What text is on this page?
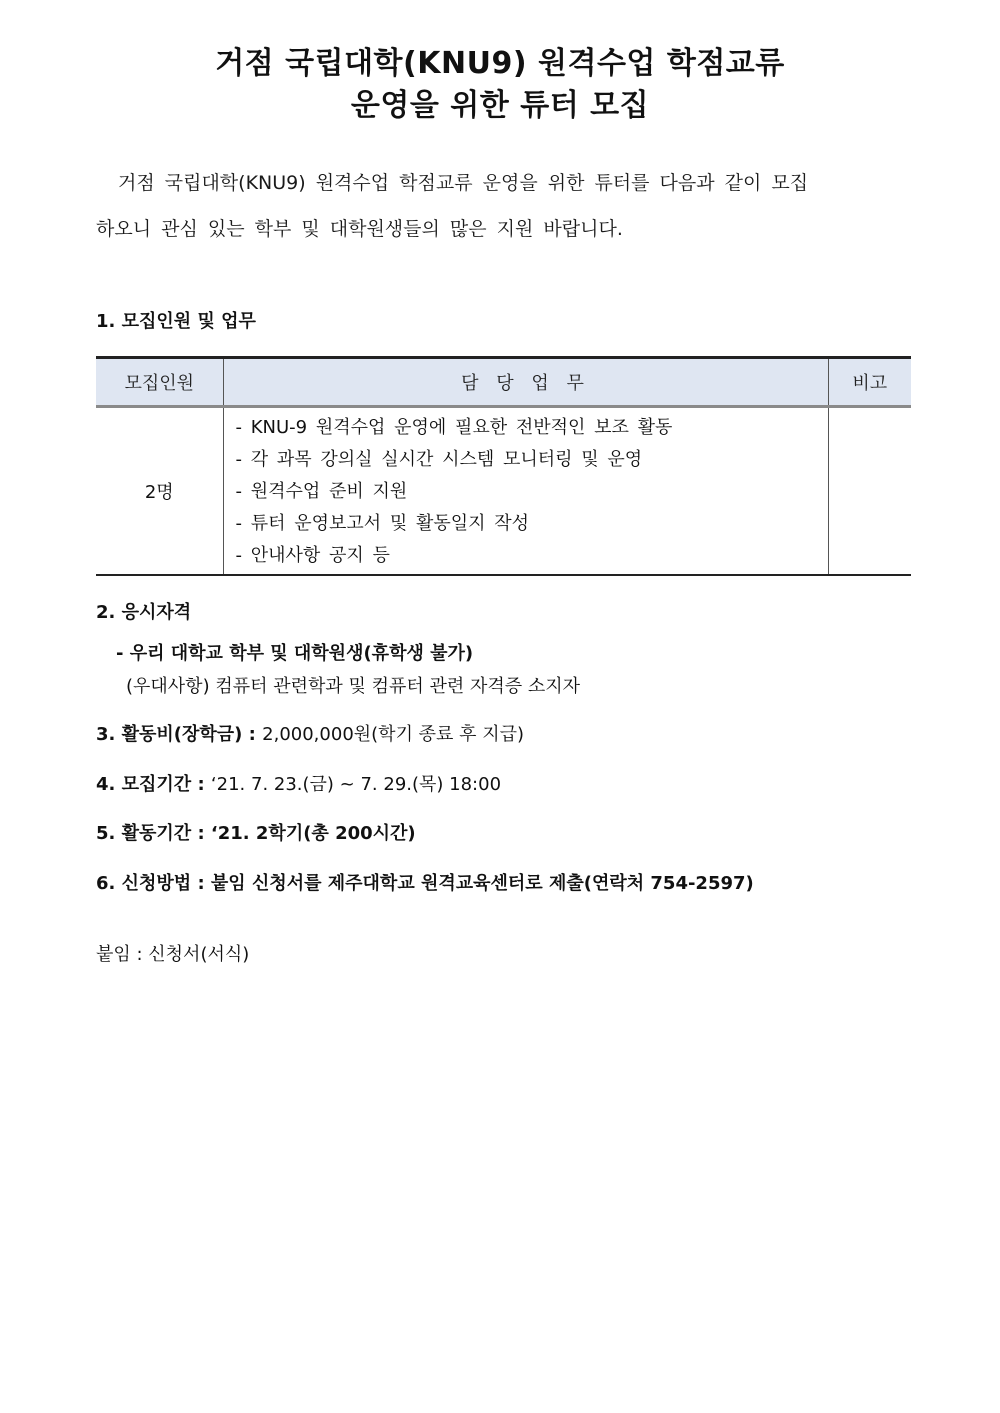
거점 국립대학(KNU9) 원격수업 학점교류
운영을 위한 튜터 모집
거점 국립대학(KNU9) 원격수업 학점교류 운영을 위한 튜터를 다음과 같이 모집
하오니 관심 있는 학부 및 대학원생들의 많은 지원 바랍니다.
1. 모집인원 및 업무
모집인원	담 당 업 무	비고
2명	- KNU-9 원격수업 운영에 필요한 전반적인 보조 활동
- 각 과목 강의실 실시간 시스템 모니터링 및 운영
- 원격수업 준비 지원
- 튜터 운영보고서 및 활동일지 작성
- 안내사항 공지 등	

2. 응시자격
- 우리 대학교 학부 및 대학원생(휴학생 불가)
(우대사항) 컴퓨터 관련학과 및 컴퓨터 관련 자격증 소지자
3. 활동비(장학금) : 2,000,000원(학기 종료 후 지급)
4. 모집기간 : ‘21. 7. 23.(금) ~ 7. 29.(목) 18:00
5. 활동기간 : ‘21. 2학기(총 200시간)
6. 신청방법 : 붙임 신청서를 제주대학교 원격교육센터로 제출(연락처 754-2597)
붙임 : 신청서(서식)
